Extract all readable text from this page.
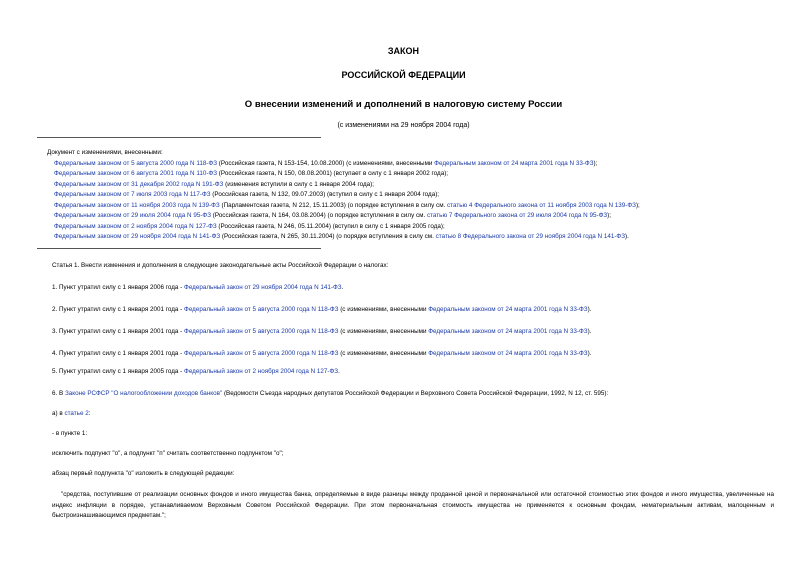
ЗАКОН
РОССИЙСКОЙ ФЕДЕРАЦИИ
О внесении изменений и дополнений в налоговую систему России
(с изменениями на 29 ноября 2004 года)
Документ с изменениями, внесенными:
Федеральным законом от 5 августа 2000 года N 118-ФЗ (Российская газета, N 153-154, 10.08.2000) (с изменениями, внесенными Федеральным законом от 24 марта 2001 года N 33-ФЗ);
Федеральным законом от 6 августа 2001 года N 110-ФЗ (Российская газета, N 150, 08.08.2001) (вступает в силу с 1 января 2002 года);
Федеральным законом от 31 декабря 2002 года N 191-ФЗ (изменения вступили в силу с 1 января 2004 года);
Федеральным законом от 7 июля 2003 года N 117-ФЗ (Российская газета, N 132, 09.07.2003) (вступил в силу с 1 января 2004 года);
Федеральным законом от 11 ноября 2003 года N 139-ФЗ (Парламентская газета, N 212, 15.11.2003) (о порядке вступления в силу см. статью 4 Федерального закона от 11 ноября 2003 года N 139-ФЗ);
Федеральным законом от 29 июля 2004 года N 95-ФЗ (Российская газета, N 164, 03.08.2004) (о порядке вступления в силу см. статью 7 Федерального закона от 29 июля 2004 года N 95-ФЗ);
Федеральным законом от 2 ноября 2004 года N 127-ФЗ (Российская газета, N 246, 05.11.2004) (вступил в силу с 1 января 2005 года);
Федеральным законом от 29 ноября 2004 года N 141-ФЗ (Российская газета, N 265, 30.11.2004) (о порядке вступления в силу см. статью 8 Федерального закона от 29 ноября 2004 года N 141-ФЗ).
Статья 1. Внести изменения и дополнения в следующие законодательные акты Российской Федерации о налогах:
1. Пункт утратил силу с 1 января 2006 года - Федеральный закон от 29 ноября 2004 года N 141-ФЗ.
2. Пункт утратил силу с 1 января 2001 года - Федеральный закон от 5 августа 2000 года N 118-ФЗ (с изменениями, внесенными Федеральным законом от 24 марта 2001 года N 33-ФЗ).
3. Пункт утратил силу с 1 января 2001 года - Федеральный закон от 5 августа 2000 года N 118-ФЗ (с изменениями, внесенными Федеральным законом от 24 марта 2001 года N 33-ФЗ).
4. Пункт утратил силу с 1 января 2001 года - Федеральный закон от 5 августа 2000 года N 118-ФЗ (с изменениями, внесенными Федеральным законом от 24 марта 2001 года N 33-ФЗ).
5. Пункт утратил силу с 1 января 2005 года - Федеральный закон от 2 ноября 2004 года N 127-ФЗ.
6. В Законе РСФСР "О налогообложении доходов банков" (Ведомости Съезда народных депутатов Российской Федерации и Верховного Совета Российской Федерации, 1992, N 12, ст. 595):
а) в статье 2:
- в пункте 1:
исключить подпункт "о", а подпункт "п" считать соответственно подпунктом "о";
абзац первый подпункта "о" изложить в следующей редакции:
"средства, поступившие от реализации основных фондов и иного имущества банка, определяемые в виде разницы между проданной ценой и первоначальной или остаточной стоимостью этих фондов и иного имущества, увеличенные на индекс инфляции в порядке, устанавливаемом Верховным Советом Российской Федерации. При этом первоначальная стоимость имущества не применяется к основным фондам, нематериальным активам, малоценным и быстроизнашивающимся предметам.";
